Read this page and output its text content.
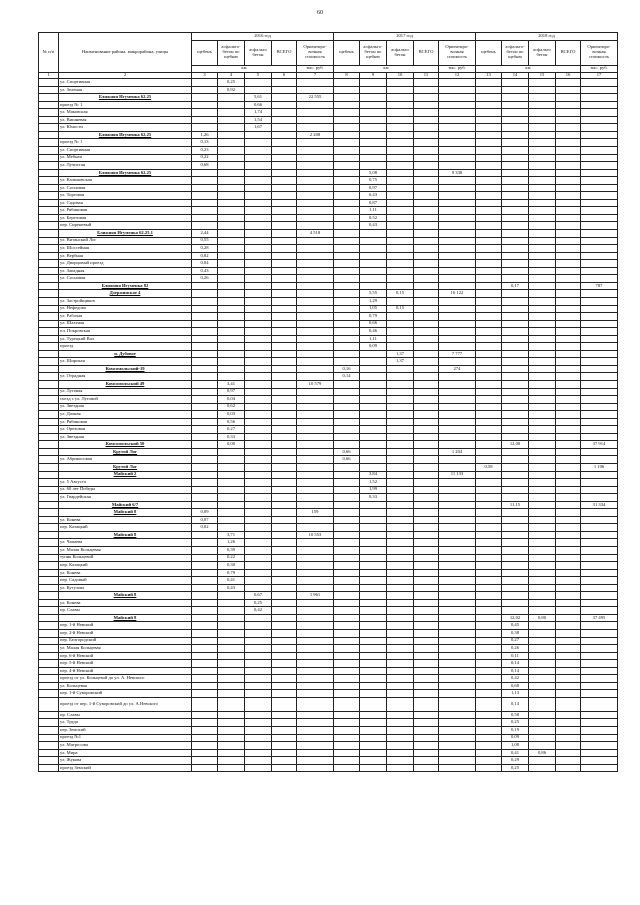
60
№ п/п	Наименование района, микрорайона, улицы	2016 год					2017 год					2018 год				
		щебень	асфальто-бетон по щебню	асфальто бетон	ВСЕГО	Ориентиро-вочная стоимость	щебень	асфальто-бетон по щебню	асфальто бетон	ВСЕГО	Ориентиро-вочная стоимость	щебень	асфальто-бетон по щебню	асфальто бетон	ВСЕГО	Ориентиро-вочная стоимость
		км				тыс. руб.	км				тыс. руб.	км				тыс. руб.
1	2	3	4	5	6	7	8	9	10	11	12	13	14	15	16	17
	ул. Спортивная		0,25													
	ул. Зеленая		0,92													
	Ближняя Игуменка 62.25			5,61		22 555										
	проезд № 1			0,66												
	ул. Маковская			1,74												
	ул. Вишневая			1,54												
	ул. Юности			1,67												
	Ближняя Игуменка 62.25	1,26				2 208										
	проезд № 1	0,13														
	ул. Спортивная	0,23														
	ул. Мебная	0,22														
	ул. Лучистая	0,68														
	Ближняя Игуменка 62.25							5,08			9 338					
	ул. Калиновская							0,75								
	ул. Сосновая							0,97								
	ул. Торговая							0,43								
	ул. Садовая							0,87								
	ул. Рябиновая							1,11								
	ул. Березовая							0,52								
	пер. Сиреневый							0,43								
	Ближняя Игуменка 62.25.1	2,44				4 518										
	ул. Витанский Лог	0,55														
	ул. Шоссейная	0,28														
	ул. Вербная	0,82														
	ул. Дворцовый проезд	0,04														
	ул. Западная	0,43														
	ул. Сосновая	0,26														
	Ближняя Игуменка 82												0,17			787
	Дзержинское 4							5,55	0,15		16 122					
	ул. Застройщиков							1,29								
	ул. Нефедова							1,05	0,15							
	ул. Рабочая							0,79								
	ул. Шахтная							0,66								
	пл. Покровская							0,46								
	ул. Турецкий Вал							1,11								
	проезд							0,09								
	п. Дубовое								1,37		7 777					
	ул. Широкая								1,37							
	Комсомольский-19						0,16				274					
	ул. Отрадная						0,14									
	Комсомольский 49		3,41			10 579										
	ул. Луговая		0,97													
	съезд с ул. Луговой		0,04													
	ул. Звездная		0,62													
	ул. Дачная		0,03													
	ул. Рябиновая		0,56													
	ул. Ореховая		0,27													
	ул. Звездная		0,33													
	Комсомольский 50		0,00										12,00			37 914
	Крутой Лог						0,66				1 204					
	ул. Абрикосовая						0,66									
	Крутой Лог											0,58				1 106
	Майский 2							3,84			11 133					
	ул. 5 Августа							1,52								
	ул. 60 лет Победы							1,99								
	ул. Гвардейская							0,33								
	Майский 6/7												11,15			31 334
	Майский 8	0,09				159										
	ул. Конева	0,07														
	пер. Казацкий	0,02														
	Майский 8		3,71			10 553										
	ул. Чапаева		1,26													
	ул. Малая Кольцевая		0,39													
	тупик Кольцевой		0,22													
	пер. Казацкий		0,30													
	ул. Конева		0,79													
	пер. Садовый		0,41													
	ул. Кутузова		0,43													
	Майский 8			0,67		1 961										
	ул. Конева			0,25												
	пр. Славы			0,42												
	Майский 8												12,02	0,80		37 495
	пер. 1-й Невский												0,45			
	пер. 2-й Невский												0,38			
	пер. Белгородский												0,27			
	ул. Малая Кольцевая												0,26			
	пер. 6-й Невский												0,11			
	пер. 5-й Невский												0,14			
	пер. 4-й Невский												0,14			
	проезд от ул. Кольцевой до ул. А. Невского												0,42			
	ул. Кольцевая												0,68			
	пер. 1-й Суворовский												1,13			
	проезд от пер. 1-й Суворовский до ул. А.Невского												0,14			
	пр. Славы												0,58			
	ул. Труда												0,25			
	пер. Земский												0,19			
	проезд №1												0,09			
	ул. Матросова												1,08			
	ул. Мира												0,41	0,86		
	ул. Жукова												0,29			
	проезд Земский												0,25			
